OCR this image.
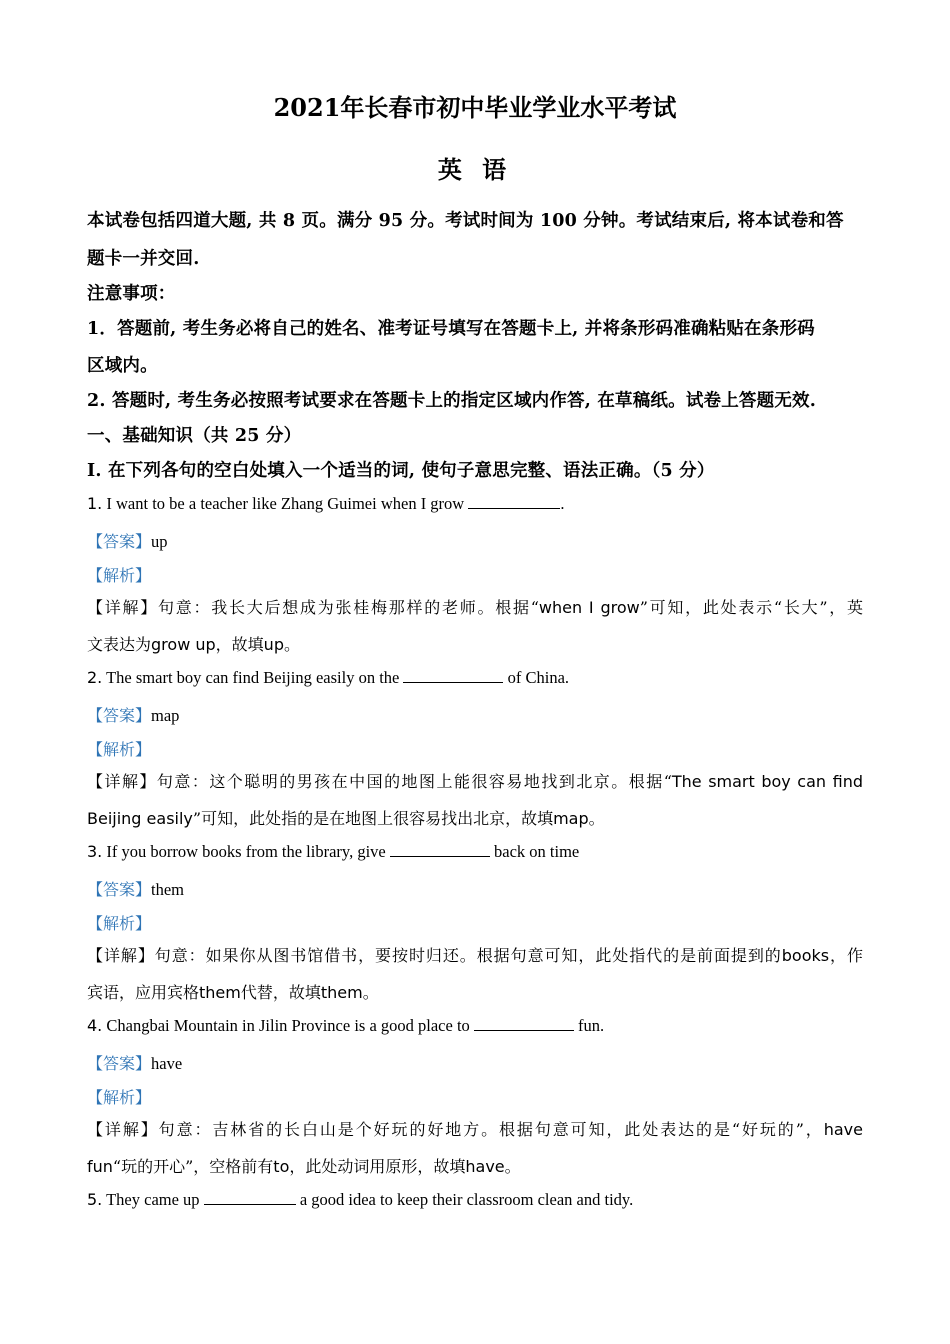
2021年长春市初中毕业学业水平考试
英 语
本试卷包括四道大题, 共 8 页。满分 95 分。考试时间为 100 分钟。考试结束后, 将本试卷和答
题卡一并交回.
注意事项：
1．答题前, 考生务必将自己的姓名、准考证号填写在答题卡上, 并将条形码准确粘贴在条形码
区域内。
2. 答题时, 考生务必按照考试要求在答题卡上的指定区域内作答, 在草稿纸。试卷上答题无效.
一、基础知识（共 25 分）
I. 在下列各句的空白处填入一个适当的词, 使句子意思完整、语法正确。（5 分）
1. I want to be a teacher like Zhang Guimei when I grow	.
【答案】up
【解析】
【详解】句意：我长大后想成为张桂梅那样的老师。根据“when I grow”可知，此处表示“长大”，英
文表达为grow up，故填up。
2. The smart boy can find Beijing easily on the	of China.
【答案】map
【解析】
【详解】句意：这个聪明的男孩在中国的地图上能很容易地找到北京。根据“The smart boy can find
Beijing easily”可知，此处指的是在地图上很容易找出北京，故填map。
3. If you borrow books from the library, give	back on time
【答案】them
【解析】
【详解】句意：如果你从图书馆借书，要按时归还。根据句意可知，此处指代的是前面提到的books，作
宾语，应用宾格them代替，故填them。
4. Changbai Mountain in Jilin Province is a good place to	fun.
【答案】have
【解析】
【详解】句意：吉林省的长白山是个好玩的好地方。根据句意可知，此处表达的是“好玩的”，have
fun“玩的开心”，空格前有to，此处动词用原形，故填have。
5. They came up	a good idea to keep their classroom clean and tidy.
